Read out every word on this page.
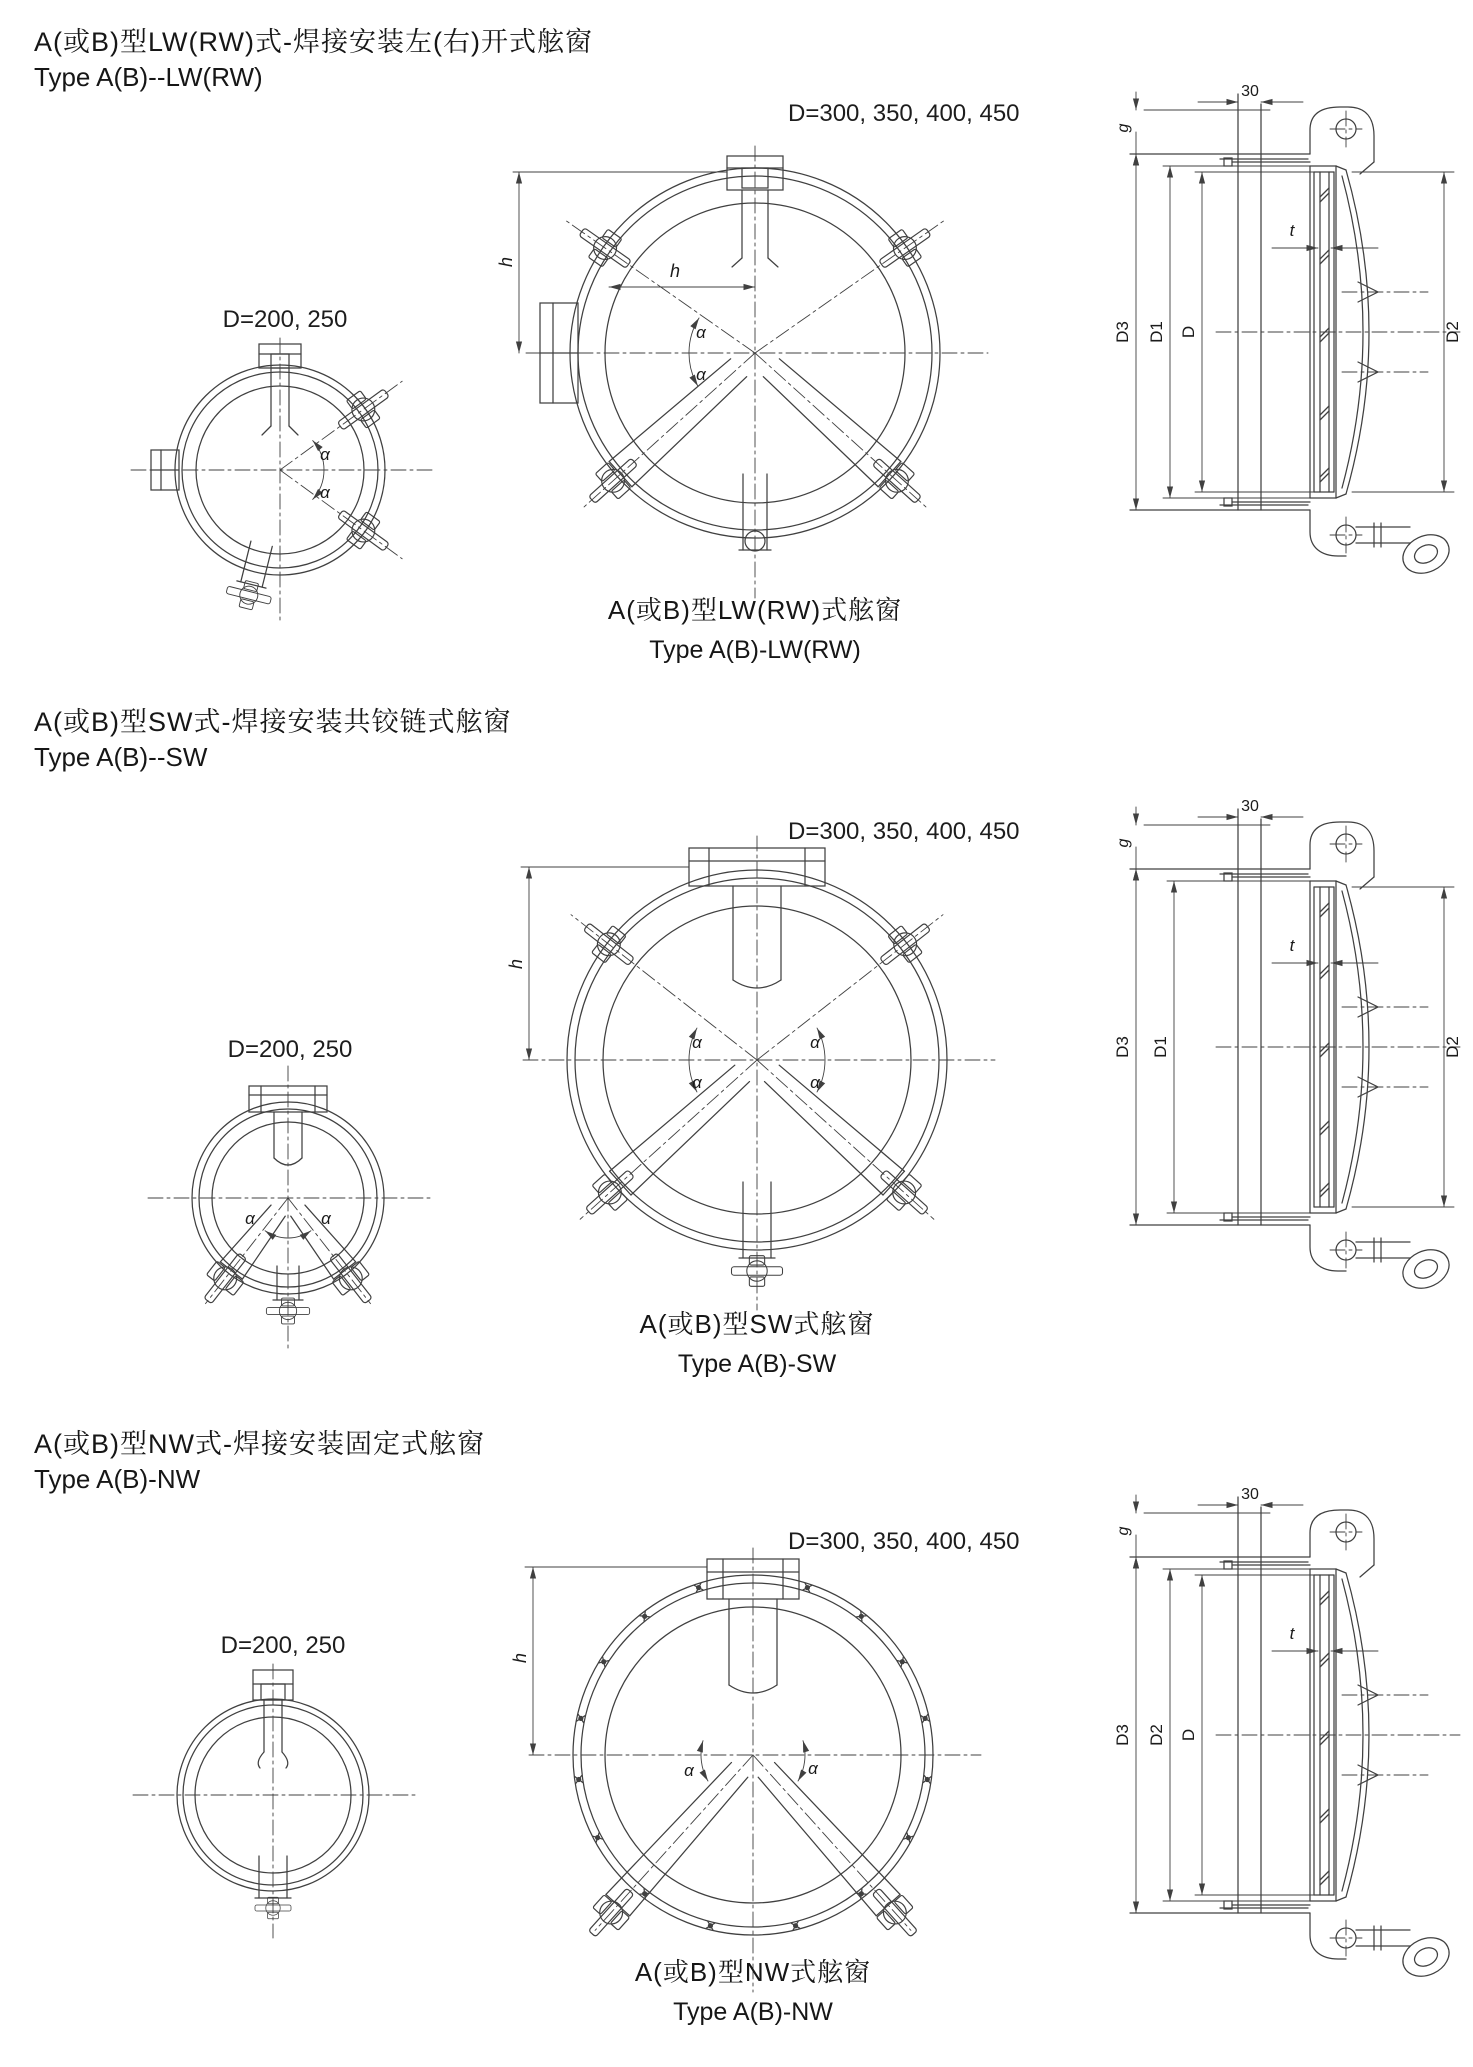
A(或B)型LW(RW)式-焊接安装左(右)开式舷窗
Type A(B)--LW(RW)
D=300, 350, 400, 450
D=200, 250
α
α
α
α
h	h
D3 D1 D	D2
30
g
t
A(或B)型LW(RW)式舷窗
Type A(B)-LW(RW)
A(或B)型SW式-焊接安装共铰链式舷窗
Type A(B)--SW
D=300, 350, 400, 450
D=200, 250
α	α
α
α
α
α
h
D3 D1	D2
30
g
t
A(或B)型SW式舷窗
Type A(B)-SW
A(或B)型NW式-焊接安装固定式舷窗
Type A(B)-NW
D=300, 350, 400, 450
D=200, 250
α	α
h
D3 D2 D
30
g
t
A(或B)型NW式舷窗
Type A(B)-NW
